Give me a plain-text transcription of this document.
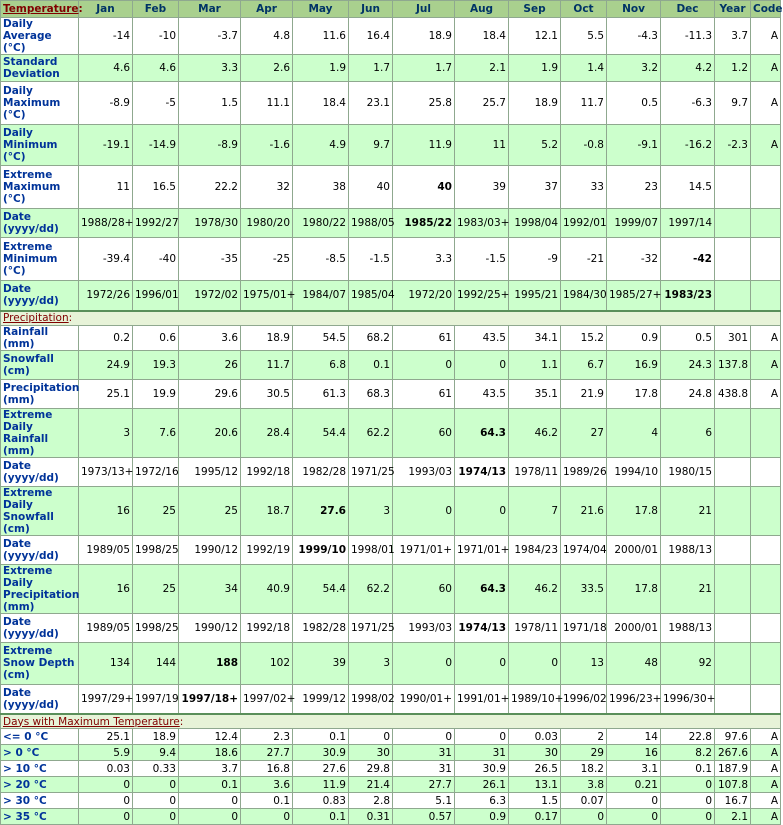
Temperature:	Jan	Feb	Mar	Apr	May	Jun	Jul	Aug	Sep	Oct	Nov	Dec	Year	Code
Daily Average (°C)	-14	-10	-3.7	4.8	11.6	16.4	18.9	18.4	12.1	5.5	-4.3	-11.3	3.7	A
Standard Deviation	4.6	4.6	3.3	2.6	1.9	1.7	1.7	2.1	1.9	1.4	3.2	4.2	1.2	A
Daily Maximum (°C)	-8.9	-5	1.5	11.1	18.4	23.1	25.8	25.7	18.9	11.7	0.5	-6.3	9.7	A
Daily Minimum (°C)	-19.1	-14.9	-8.9	-1.6	4.9	9.7	11.9	11	5.2	-0.8	-9.1	-16.2	-2.3	A
Extreme Maximum (°C)	11	16.5	22.2	32	38	40	40	39	37	33	23	14.5		
Date (yyyy/dd)	1988/28+	1992/27	1978/30	1980/20	1980/22	1988/05	1985/22	1983/03+	1998/04	1992/01	1999/07	1997/14		
Extreme Minimum (°C)	-39.4	-40	-35	-25	-8.5	-1.5	3.3	-1.5	-9	-21	-32	-42		
Date (yyyy/dd)	1972/26	1996/01	1972/02	1975/01+	1984/07	1985/04	1972/20	1992/25+	1995/21	1984/30	1985/27+	1983/23		
Precipitation:														
Rainfall (mm)	0.2	0.6	3.6	18.9	54.5	68.2	61	43.5	34.1	15.2	0.9	0.5	301	A
Snowfall (cm)	24.9	19.3	26	11.7	6.8	0.1	0	0	1.1	6.7	16.9	24.3	137.8	A
Precipitation (mm)	25.1	19.9	29.6	30.5	61.3	68.3	61	43.5	35.1	21.9	17.8	24.8	438.8	A
Extreme Daily Rainfall (mm)	3	7.6	20.6	28.4	54.4	62.2	60	64.3	46.2	27	4	6		
Date (yyyy/dd)	1973/13+	1972/16	1995/12	1992/18	1982/28	1971/25	1993/03	1974/13	1978/11	1989/26	1994/10	1980/15		
Extreme Daily Snowfall (cm)	16	25	25	18.7	27.6	3	0	0	7	21.6	17.8	21		
Date (yyyy/dd)	1989/05	1998/25	1990/12	1992/19	1999/10	1998/01	1971/01+	1971/01+	1984/23	1974/04	2000/01	1988/13		
Extreme Daily Precipitation (mm)	16	25	34	40.9	54.4	62.2	60	64.3	46.2	33.5	17.8	21		
Date (yyyy/dd)	1989/05	1998/25	1990/12	1992/18	1982/28	1971/25	1993/03	1974/13	1978/11	1971/18	2000/01	1988/13		
Extreme Snow Depth (cm)	134	144	188	102	39	3	0	0	0	13	48	92		
Date (yyyy/dd)	1997/29+	1997/19	1997/18+	1997/02+	1999/12	1998/02	1990/01+	1991/01+	1989/10+	1996/02	1996/23+	1996/30+		
Days with Maximum Temperature:														
<= 0 °C	25.1	18.9	12.4	2.3	0.1	0	0	0	0.03	2	14	22.8	97.6	A
> 0 °C	5.9	9.4	18.6	27.7	30.9	30	31	31	30	29	16	8.2	267.6	A
> 10 °C	0.03	0.33	3.7	16.8	27.6	29.8	31	30.9	26.5	18.2	3.1	0.1	187.9	A
> 20 °C	0	0	0.1	3.6	11.9	21.4	27.7	26.1	13.1	3.8	0.21	0	107.8	A
> 30 °C	0	0	0	0.1	0.83	2.8	5.1	6.3	1.5	0.07	0	0	16.7	A
> 35 °C	0	0	0	0	0.1	0.31	0.57	0.9	0.17	0	0	0	2.1	A
